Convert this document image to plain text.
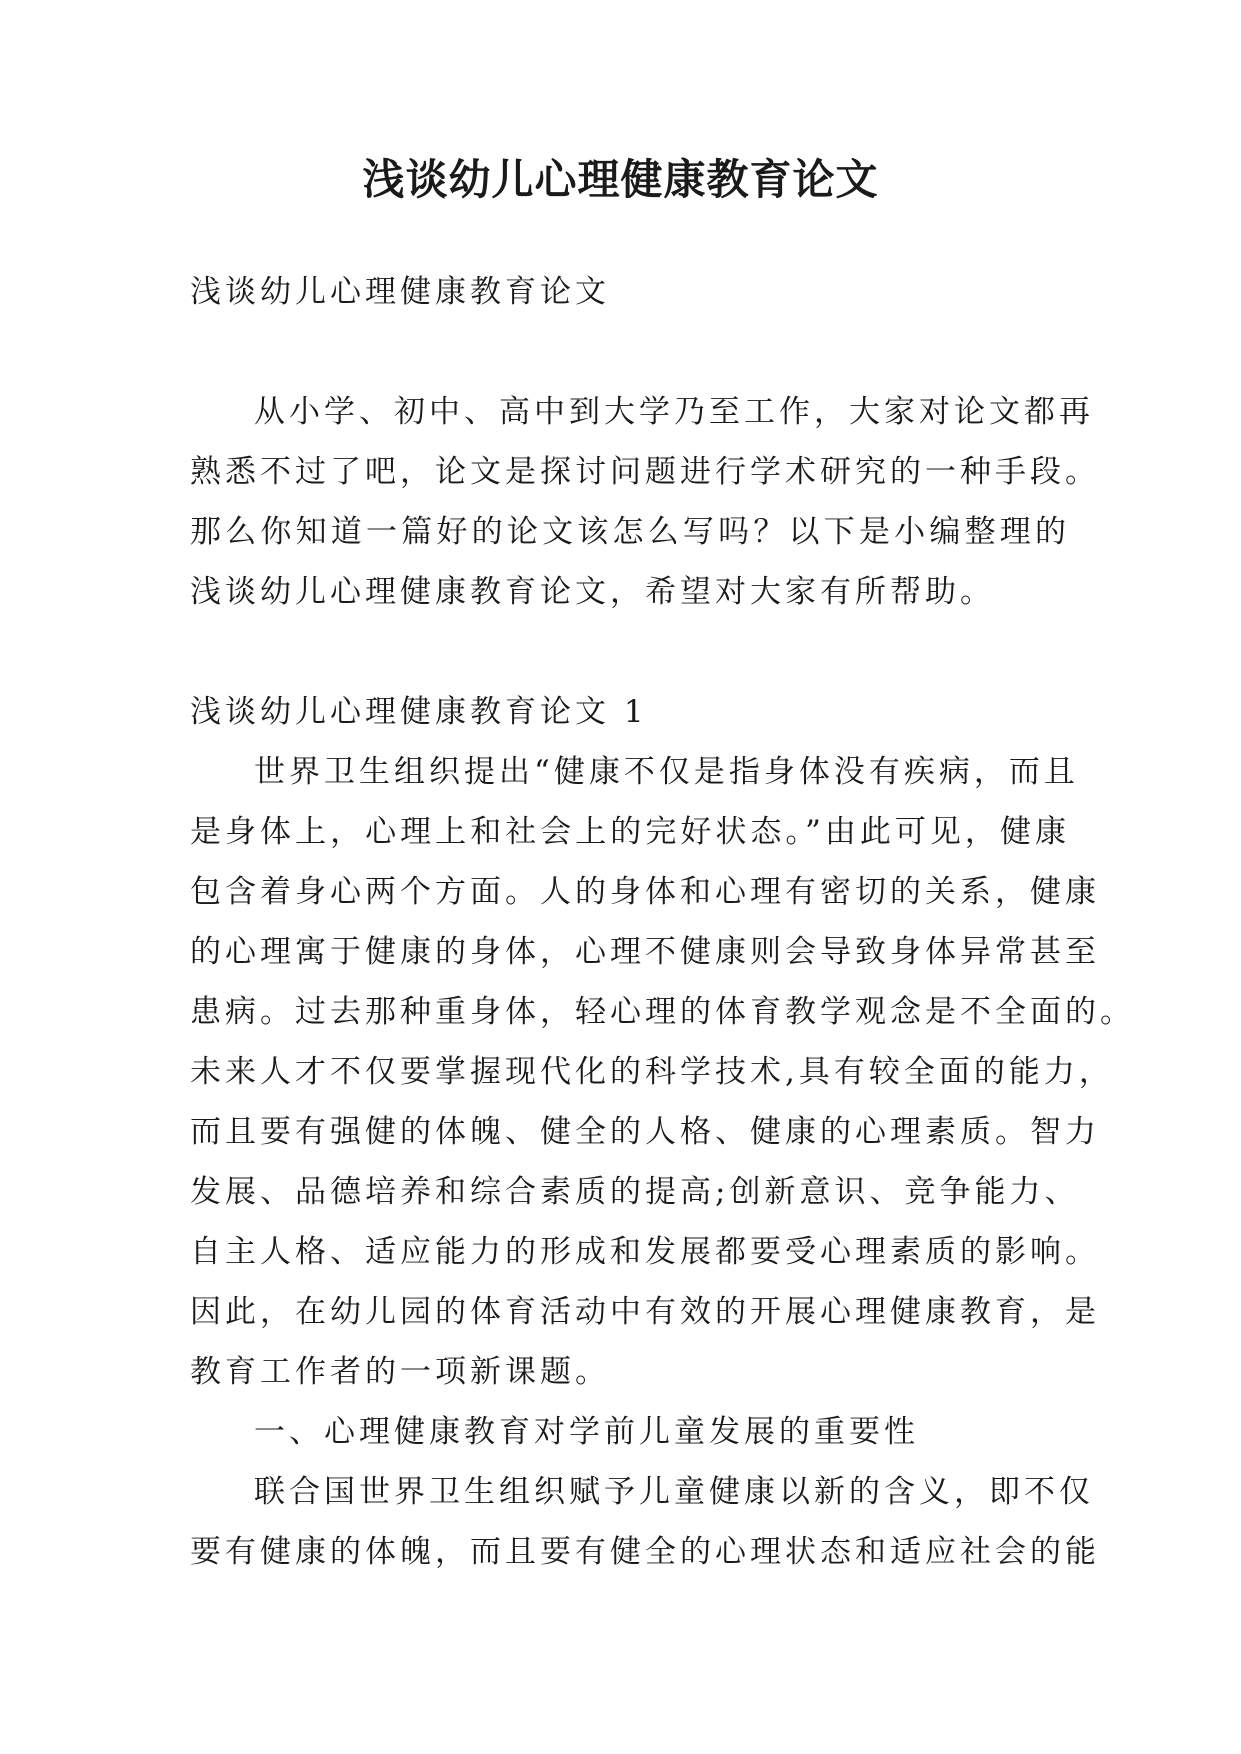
浅谈幼儿心理健康教育论文

浅谈幼儿心理健康教育论文

从小学、初中、高中到大学乃至工作，大家对论文都再
熟悉不过了吧，论文是探讨问题进行学术研究的一种手段。
那么你知道一篇好的论文该怎么写吗？以下是小编整理的
浅谈幼儿心理健康教育论文，希望对大家有所帮助。

浅谈幼儿心理健康教育论文 1

世界卫生组织提出“健康不仅是指身体没有疾病，而且
是身体上，心理上和社会上的完好状态。”由此可见，健康
包含着身心两个方面。人的身体和心理有密切的关系，健康
的心理寓于健康的身体，心理不健康则会导致身体异常甚至
患病。过去那种重身体，轻心理的体育教学观念是不全面的。
未来人才不仅要掌握现代化的科学技术,具有较全面的能力，
而且要有强健的体魄、健全的人格、健康的心理素质。智力
发展、品德培养和综合素质的提高;创新意识、竞争能力、
自主人格、适应能力的形成和发展都要受心理素质的影响。
因此，在幼儿园的体育活动中有效的开展心理健康教育，是
教育工作者的一项新课题。

一、心理健康教育对学前儿童发展的重要性

联合国世界卫生组织赋予儿童健康以新的含义，即不仅
要有健康的体魄，而且要有健全的心理状态和适应社会的能
